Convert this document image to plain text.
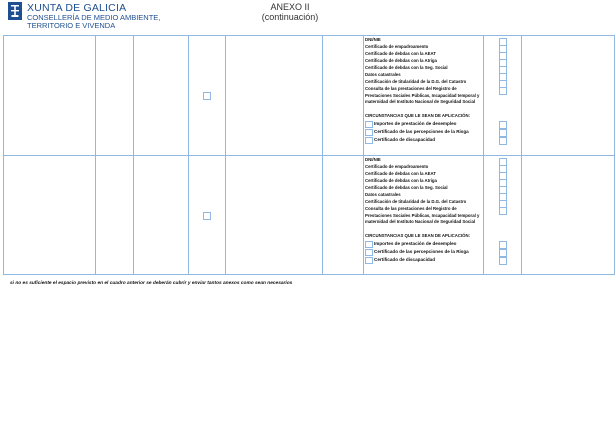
XUNTA DE GALICIA
CONSELLERÍA DE MEDIO AMBIENTE,
TERRITORIO E VIVENDA
ANEXO II
(continuación)
DNI/NIE
Certificado de empadroamento
Certificado de debdas con la AEAT
Certificado de debdas con la Atriga
Certificado de debdas con la Seg. Social
Datos catastrales
Certificación de titularidad de la D.G. del Catastro
Consulta de las prestaciones del Registro de Prestaciones Sociales Públicas, Incapacidad temporal y maternidad del Instituto Nacional de Seguridad Social
CIRCUNSTANCIAS QUE LE SEAN DE APLICACIÓN:
Importes de prestación de desempleo
Certificado de las percepciones de la Risga
Certificado de discapacidad
DNI/NIE
Certificado de empadroamento
Certificado de debdas con la AEAT
Certificado de debdas con la Atriga
Certificado de debdas con la Seg. Social
Datos catastrales
Certificación de titularidad de la D.G. del Catastro
Consulta de las prestaciones del Registro de Prestaciones Sociales Públicas, Incapacidad temporal y maternidad del Instituto Nacional de Seguridad Social
CIRCUNSTANCIAS QUE LE SEAN DE APLICACIÓN:
Importes de prestación de desempleo
Certificado de las percepciones de la Risga
Certificado de discapacidad
si no es suficiente el espacio previsto en el cuadro anterior se deberán cubrir y enviar tantos anexos como sean necesarios
